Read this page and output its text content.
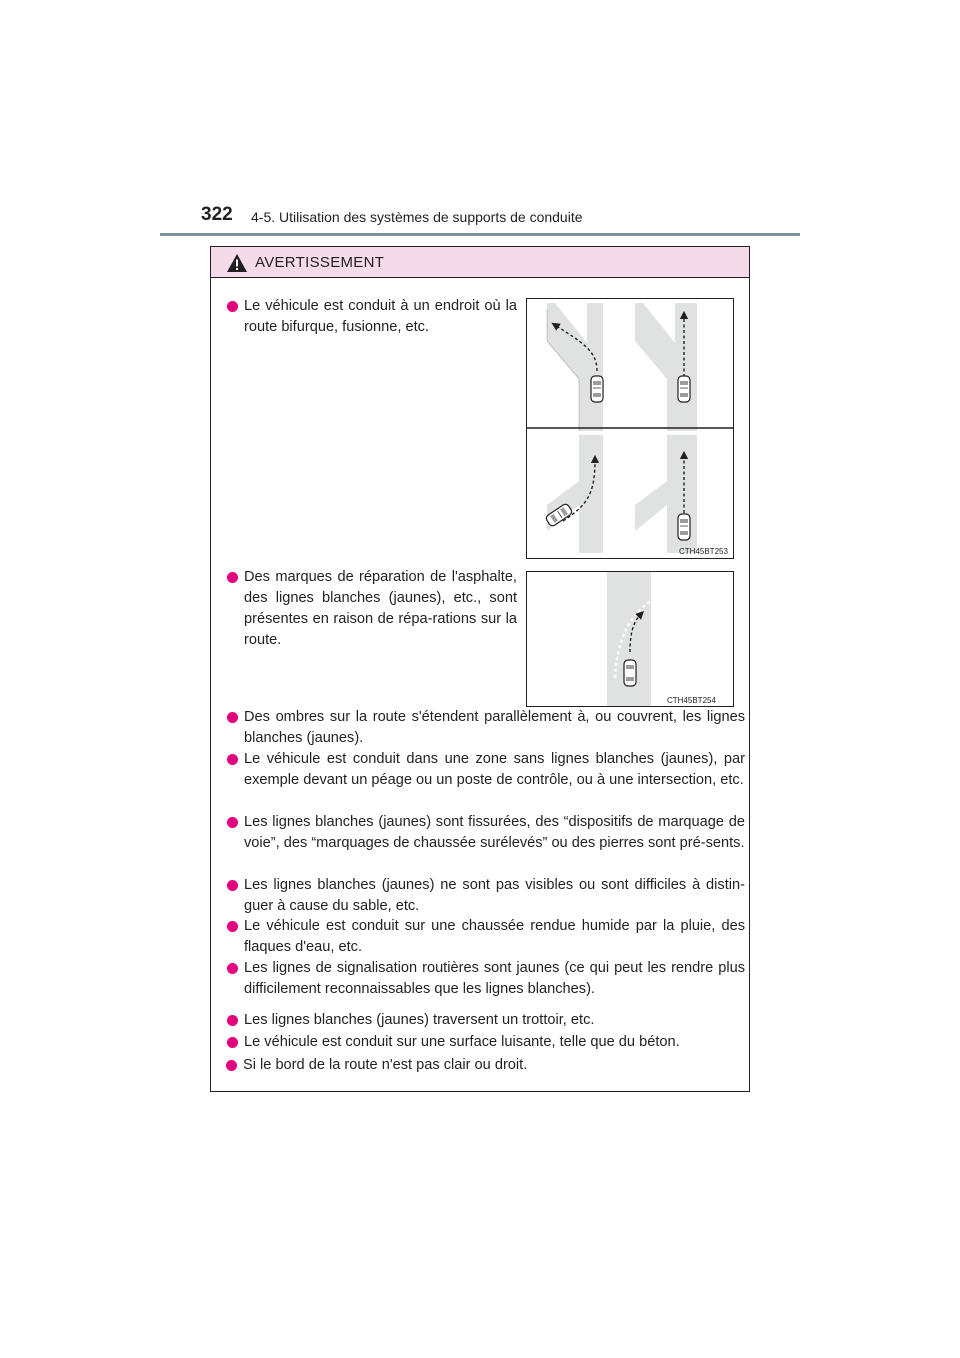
322 4-5. Utilisation des systèmes de supports de conduite
AVERTISSEMENT
Le véhicule est conduit à un endroit où la route bifurque, fusionne, etc.
CTH45BT253
Des marques de réparation de l'asphalte, des lignes blanches (jaunes), etc., sont présentes en raison de répa-rations sur la route.
CTH45BT254
Des ombres sur la route s'étendent parallèlement à, ou couvrent, les lignes blanches (jaunes).
Le véhicule est conduit dans une zone sans lignes blanches (jaunes), par exemple devant un péage ou un poste de contrôle, ou à une intersection, etc.
Les lignes blanches (jaunes) sont fissurées, des “dispositifs de marquage de voie”, des “marquages de chaussée surélevés” ou des pierres sont pré-sents.
Les lignes blanches (jaunes) ne sont pas visibles ou sont difficiles à distin-guer à cause du sable, etc.
Le véhicule est conduit sur une chaussée rendue humide par la pluie, des flaques d'eau, etc.
Les lignes de signalisation routières sont jaunes (ce qui peut les rendre plus difficilement reconnaissables que les lignes blanches).
Les lignes blanches (jaunes) traversent un trottoir, etc.
Le véhicule est conduit sur une surface luisante, telle que du béton.
Si le bord de la route n'est pas clair ou droit.
